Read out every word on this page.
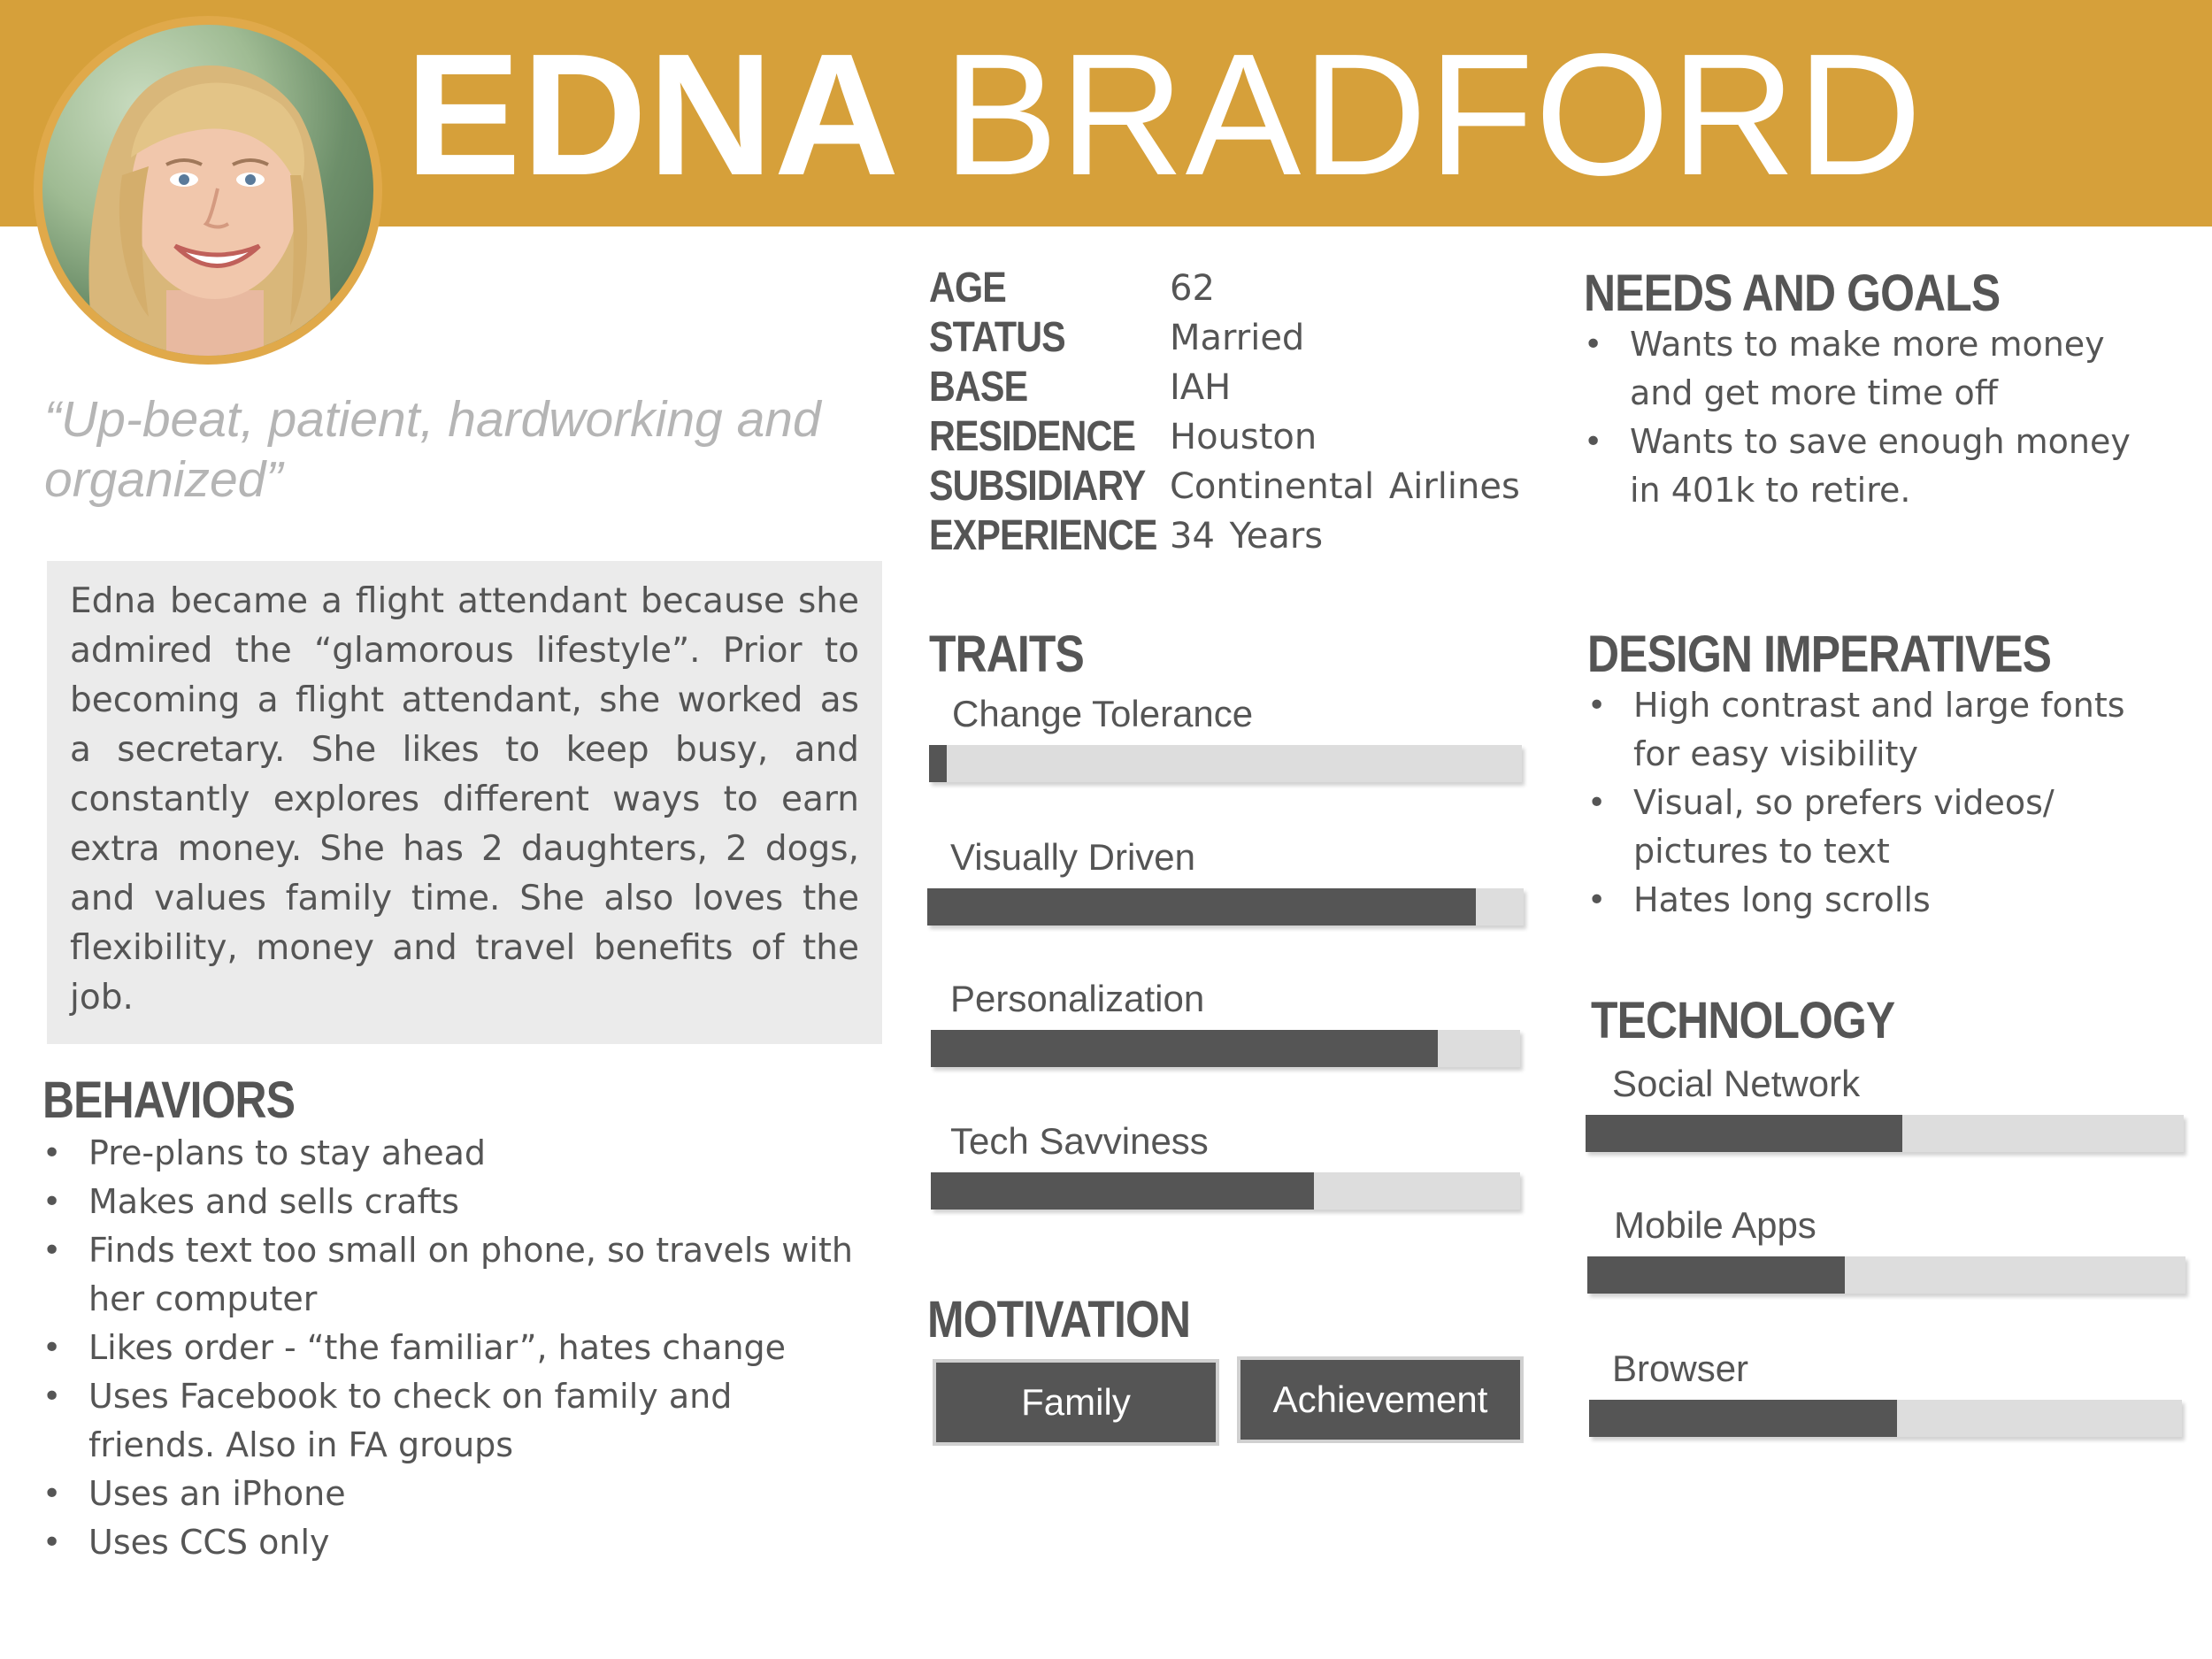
EDNA BRADFORD
“Up-beat, patient, hardworking and organized”

Edna became a flight attendant because she admired the “glamorous lifestyle”. Prior to becoming a flight attendant, she worked as a secretary. She likes to keep busy, and constantly explores different ways to earn extra money. She has 2 daughters, 2 dogs, and values family time. She also loves the flexibility, money and travel benefits of the job.

BEHAVIORS
• Pre-plans to stay ahead
• Makes and sells crafts
• Finds text too small on phone, so travels with her computer
• Likes order - “the familiar”, hates change
• Uses Facebook to check on family and friends. Also in FA groups
• Uses an iPhone
• Uses CCS only
AGE	62
STATUS	Married
BASE	IAH
RESIDENCE Houston
SUBSIDIARY Continental Airlines
EXPERIENCE 34 Years
TRAITS
Change Tolerance
Visually Driven
Personalization
Tech Savviness
MOTIVATION
Family	Achievement
NEEDS AND GOALS
• Wants to make more money and get more time off
• Wants to save enough money in 401k to retire.
DESIGN IMPERATIVES
• High contrast and large fonts for easy visibility
• Visual, so prefers videos/ pictures to text
• Hates long scrolls
TECHNOLOGY
Social Network
Mobile Apps
Browser
